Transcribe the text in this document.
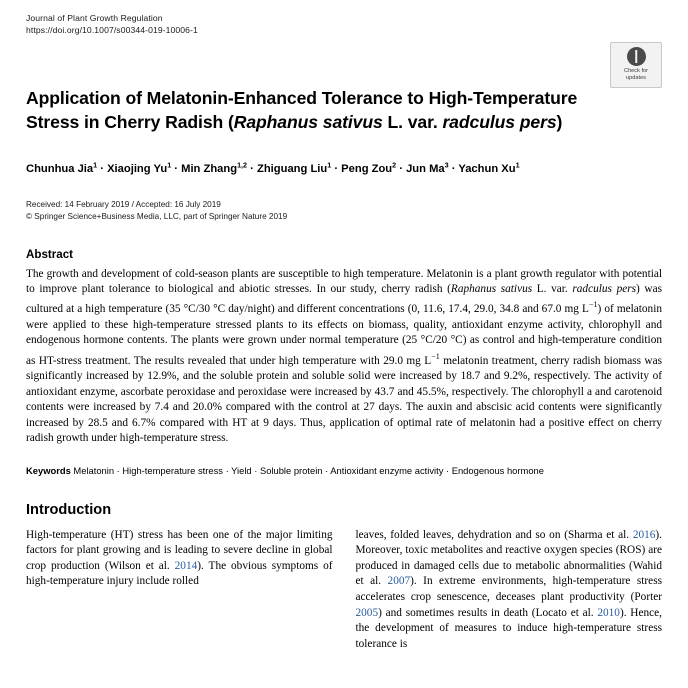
Journal of Plant Growth Regulation
https://doi.org/10.1007/s00344-019-10006-1
Check for
updates
Application of Melatonin-Enhanced Tolerance to High-Temperature Stress in Cherry Radish (Raphanus sativus L. var. radculus pers)
Chunhua Jia$^1$ · Xiaojing $Yu^1$ · Min Zhang$^{1,2}$ · Zhiguang Liu$^1$ · Peng Zou$^2$ · Jun $Ma^3$ · Yachun Xu$^1$
Received: 14 February 2019 / Accepted: 16 July 2019
© Springer Science+Business Media, LLC, part of Springer Nature 2019
Abstract
The growth and development of cold-season plants are susceptible to high temperature. Melatonin is a plant growth regulator with potential to improve plant tolerance to biological and abiotic stresses. In our study, cherry radish (Raphanus sativus L. var. radculus pers) was cultured at a high temperature (35 °C/30 °C day/night) and different concentrations (0, 11.6, 17.4, 29.0, 34.8 and 67.0 mg $L^{-1}$) of melatonin were applied to these high-temperature stressed plants to its effects on biomass, quality, antioxidant enzyme activity, chlorophyll and endogenous hormone contents. The plants were grown under normal temperature (25 °C/20 °C) as control and high-temperature condition as HT-stress treatment. The results revealed that under high temperature with 29.0 mg $L^{-1}$ melatonin treatment, cherry radish biomass was significantly increased by 12.9%, and the soluble protein and soluble solid were increased by 18.7 and 9.2%, respectively. The activity of antioxidant enzyme, ascorbate peroxidase and peroxidase were increased by 43.7 and 45.5%, respectively. The chlorophyll a and carotenoid contents were increased by 7.4 and 20.0% compared with the control at 27 days. The auxin and abscisic acid contents were significantly increased by 28.5 and 6.7% compared with HT at 9 days. Thus, application of optimal rate of melatonin had a positive effect on cherry radish growth under high-temperature stress.
Keywords Melatonin · High-temperature stress · Yield · Soluble protein · Antioxidant enzyme activity · Endogenous hormone
Introduction

High-temperature (HT) stress has been one of the major limiting factors for plant growing and is leading to severe decline in global crop production (Wilson et al. 2014). The obvious symptoms of high-temperature injury include rolled

leaves, folded leaves, dehydration and so on (Sharma et al. 2016). Moreover, toxic metabolites and reactive oxygen species (ROS) are produced in damaged cells due to metabolic abnormalities (Wahid et al. 2007). In extreme environments, high-temperature stress accelerates crop senescence, deceases plant productivity (Porter 2005) and sometimes results in death (Locato et al. 2010). Hence, the development of measures to induce high-temperature stress tolerance is
